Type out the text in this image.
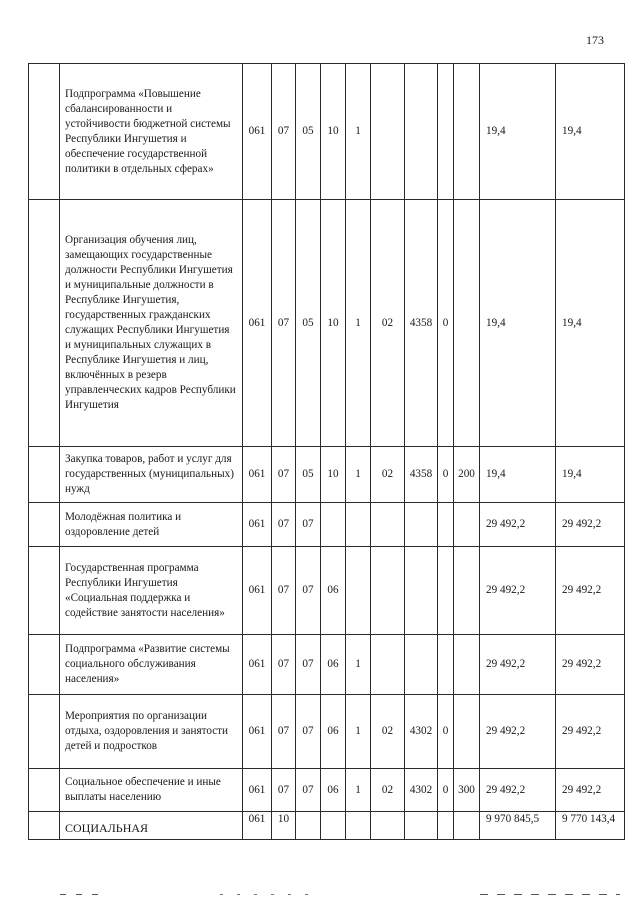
173
	Подпрограмма «Повышение сбалансированности и устойчивости бюджетной системы Республики Ингушетия и обеспечение государственной политики в отдельных сферах»	061	07	05	10	1					19,4	19,4
	Организация обучения лиц, замещающих государственные должности Республики Ингушетия и муниципальные должности в Республике Ингушетия, государственных гражданских служащих Республики Ингушетия и муниципальных служащих в Республике Ингушетия и лиц, включённых в резерв управленческих кадров Республики Ингушетия	061	07	05	10	1	02	4358	0		19,4	19,4
	Закупка товаров, работ и услуг для государственных (муниципальных) нужд	061	07	05	10	1	02	4358	0	200	19,4	19,4
	Молодёжная политика и оздоровление детей	061	07	07							29 492,2	29 492,2
	Государственная программа Республики Ингушетия «Социальная поддержка и содействие занятости населения»	061	07	07	06						29 492,2	29 492,2
	Подпрограмма «Развитие системы социального обслуживания населения»	061	07	07	06	1					29 492,2	29 492,2
	Мероприятия по организации отдыха, оздоровления и занятости детей и подростков	061	07	07	06	1	02	4302	0		29 492,2	29 492,2
	Социальное обеспечение и иные выплаты населению	061	07	07	06	1	02	4302	0	300	29 492,2	29 492,2
	СОЦИАЛЬНАЯ	061	10								9 970 845,5	9 770 143,4
